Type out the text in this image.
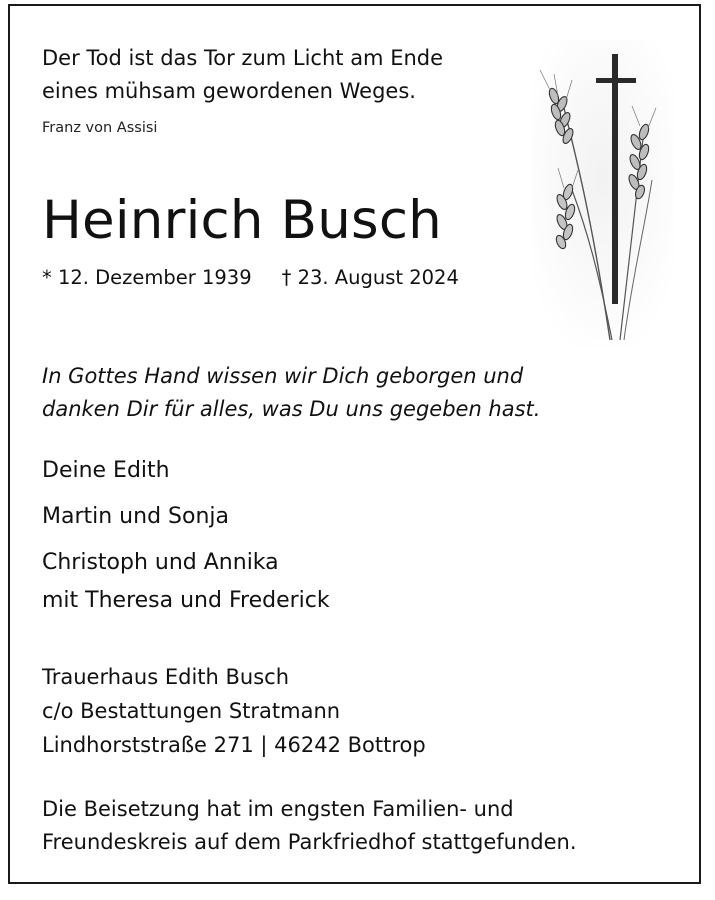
Der Tod ist das Tor zum Licht am Ende
eines mühsam gewordenen Weges.
Franz von Assisi
Heinrich Busch
* 12. Dezember 1939 † 23. August 2024
In Gottes Hand wissen wir Dich geborgen und
danken Dir für alles, was Du uns gegeben hast.
Deine Edith
Martin und Sonja
Christoph und Annika
mit Theresa und Frederick
Trauerhaus Edith Busch
c/o Bestattungen Stratmann
Lindhorststraße 271 | 46242 Bottrop
Die Beisetzung hat im engsten Familien- und
Freundeskreis auf dem Parkfriedhof stattgefunden.
